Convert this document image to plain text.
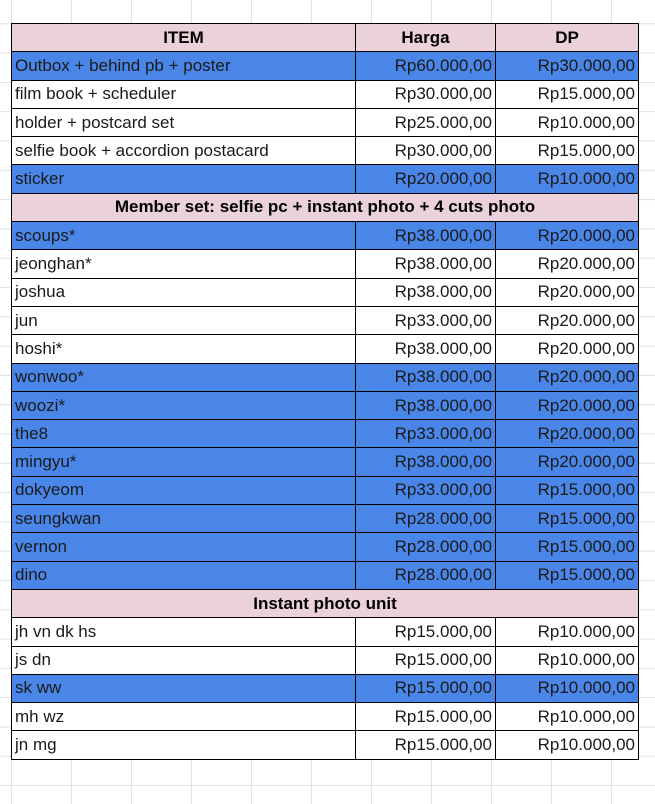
ITEM	Harga	DP
Outbox + behind pb + poster	Rp60.000,00	Rp30.000,00
film book + scheduler	Rp30.000,00	Rp15.000,00
holder + postcard set	Rp25.000,00	Rp10.000,00
selfie book + accordion postacard	Rp30.000,00	Rp15.000,00
sticker	Rp20.000,00	Rp10.000,00
Member set: selfie pc + instant photo + 4 cuts photo		
scoups*	Rp38.000,00	Rp20.000,00
jeonghan*	Rp38.000,00	Rp20.000,00
joshua	Rp38.000,00	Rp20.000,00
jun	Rp33.000,00	Rp20.000,00
hoshi*	Rp38.000,00	Rp20.000,00
wonwoo*	Rp38.000,00	Rp20.000,00
woozi*	Rp38.000,00	Rp20.000,00
the8	Rp33.000,00	Rp20.000,00
mingyu*	Rp38.000,00	Rp20.000,00
dokyeom	Rp33.000,00	Rp15.000,00
seungkwan	Rp28.000,00	Rp15.000,00
vernon	Rp28.000,00	Rp15.000,00
dino	Rp28.000,00	Rp15.000,00
Instant photo unit		
jh vn dk hs	Rp15.000,00	Rp10.000,00
js dn	Rp15.000,00	Rp10.000,00
sk ww	Rp15.000,00	Rp10.000,00
mh wz	Rp15.000,00	Rp10.000,00
jn mg	Rp15.000,00	Rp10.000,00
